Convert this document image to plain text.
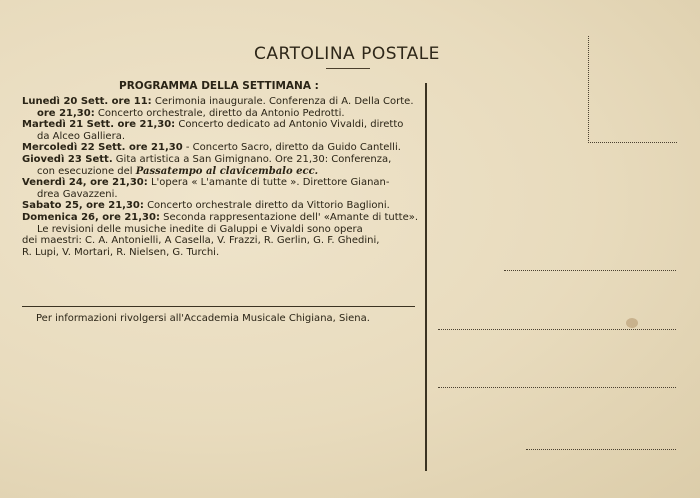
CARTOLINA POSTALE
PROGRAMMA DELLA SETTIMANA :
Lunedì 20 Sett. ore 11: Cerimonia inaugurale. Conferenza di A. Della Corte.
ore 21,30: Concerto orchestrale, diretto da Antonio Pedrotti.
Martedì 21 Sett. ore 21,30: Concerto dedicato ad Antonio Vivaldi, diretto
da Alceo Galliera.
Mercoledì 22 Sett. ore 21,30 - Concerto Sacro, diretto da Guido Cantelli.
Giovedì 23 Sett. Gita artistica a San Gimignano. Ore 21,30: Conferenza,
con esecuzione del Passatempo al clavicembalo ecc.
Venerdì 24, ore 21,30: L'opera « L'amante di tutte ». Direttore Gianan-
drea Gavazzeni.
Sabato 25, ore 21,30: Concerto orchestrale diretto da Vittorio Baglioni.
Domenica 26, ore 21,30: Seconda rappresentazione dell' «Amante di tutte».
Le revisioni delle musiche inedite di Galuppi e Vivaldi sono opera
dei maestri: C. A. Antonielli, A Casella, V. Frazzi, R. Gerlin, G. F. Ghedini,
R. Lupi, V. Mortari, R. Nielsen, G. Turchi.
Per informazioni rivolgersi all'Accademia Musicale Chigiana, Siena.
